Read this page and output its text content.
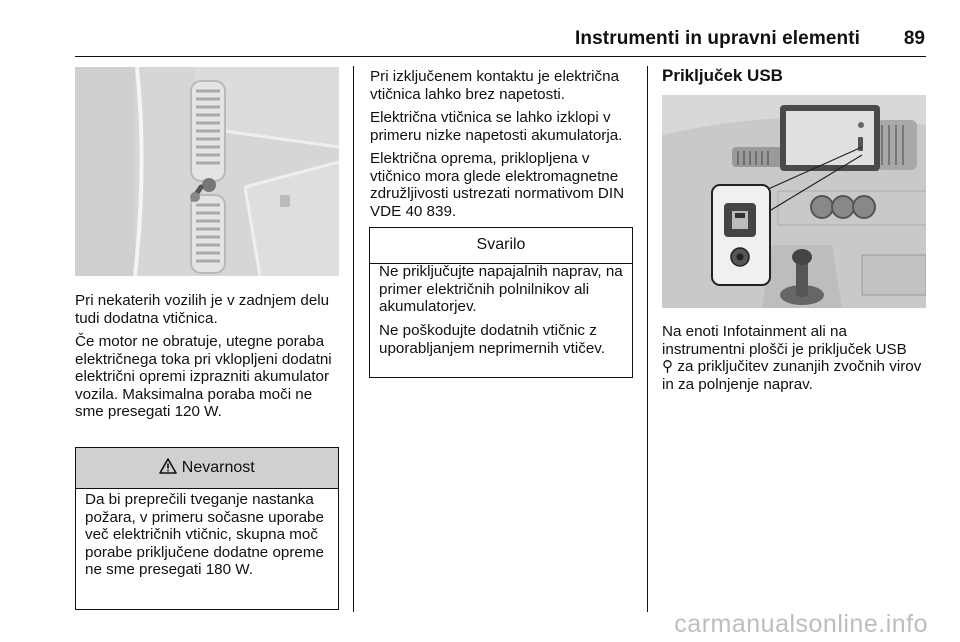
Instrumenti in upravni elementi	89

Pri nekaterih vozilih je v zadnjem delu tudi dodatna vtičnica.

Če motor ne obratuje, utegne poraba električnega toka pri vklopljeni dodatni električni opremi izprazniti akumulator vozila. Maksimalna poraba moči ne sme presegati 120 W.

Nevarnost

Da bi preprečili tveganje nastanka požara, v primeru sočasne uporabe več električnih vtičnic, skupna moč porabe priključene dodatne opreme ne sme presegati 180 W.

Pri izključenem kontaktu je električna vtičnica lahko brez napetosti.

Električna vtičnica se lahko izklopi v primeru nizke napetosti akumulatorja.

Električna oprema, priklopljena v vtičnico mora glede elektromagnetne združljivosti ustrezati normativom DIN VDE 40 839.

Svarilo

Ne priključujte napajalnih naprav, na primer električnih polnilnikov ali akumulatorjev.

Ne poškodujte dodatnih vtičnic z uporabljanjem neprimernih vtičev.

Priključek USB

Na enoti Infotainment ali na instrumentni plošči je priključek USB
⚲ za priključitev zunanjih zvočnih virov in za polnjenje naprav.

carmanualsonline.info
